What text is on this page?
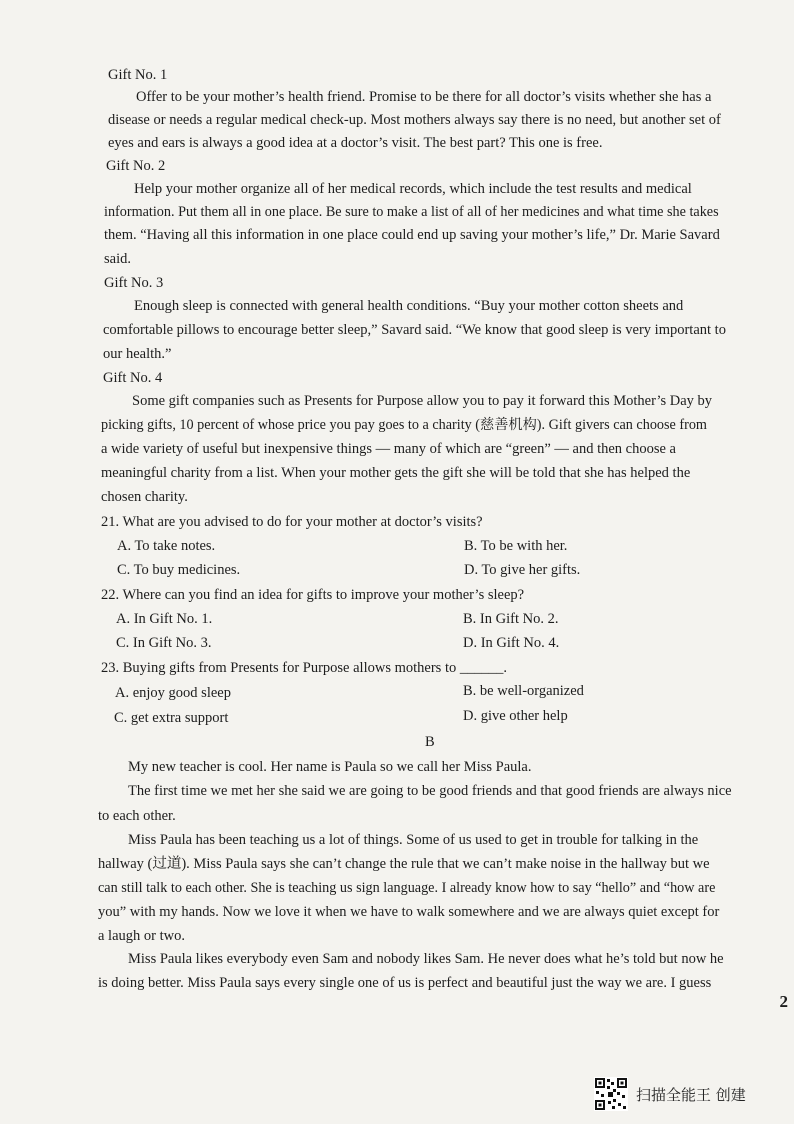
Gift No. 1
Offer to be your mother’s health friend. Promise to be there for all doctor’s visits whether she has a
disease or needs a regular medical check-up. Most mothers always say there is no need, but another set of
eyes and ears is always a good idea at a doctor’s visit. The best part? This one is free.
Gift No. 2
Help your mother organize all of her medical records, which include the test results and medical
information. Put them all in one place. Be sure to make a list of all of her medicines and what time she takes
them. “Having all this information in one place could end up saving your mother’s life,” Dr. Marie Savard
said.
Gift No. 3
Enough sleep is connected with general health conditions. “Buy your mother cotton sheets and
comfortable pillows to encourage better sleep,” Savard said. “We know that good sleep is very important to
our health.”
Gift No. 4
Some gift companies such as Presents for Purpose allow you to pay it forward this Mother’s Day by
picking gifts, 10 percent of whose price you pay goes to a charity (慈善机构). Gift givers can choose from
a wide variety of useful but inexpensive things — many of which are “green” — and then choose a
meaningful charity from a list. When your mother gets the gift she will be told that she has helped the
chosen charity.
21. What are you advised to do for your mother at doctor’s visits?
A. To take notes.	B. To be with her.
C. To buy medicines.	D. To give her gifts.
22. Where can you find an idea for gifts to improve your mother’s sleep?
A. In Gift No. 1.	B. In Gift No. 2.
C. In Gift No. 3.	D. In Gift No. 4.
23. Buying gifts from Presents for Purpose allows mothers to ______.
A. enjoy good sleep	B. be well-organized
C. get extra support	D. give other help
B
My new teacher is cool. Her name is Paula so we call her Miss Paula.
The first time we met her she said we are going to be good friends and that good friends are always nice
to each other.
Miss Paula has been teaching us a lot of things. Some of us used to get in trouble for talking in the
hallway (过道). Miss Paula says she can’t change the rule that we can’t make noise in the hallway but we
can still talk to each other. She is teaching us sign language. I already know how to say “hello” and “how are
you” with my hands. Now we love it when we have to walk somewhere and we are always quiet except for
a laugh or two.
Miss Paula likes everybody even Sam and nobody likes Sam. He never does what he’s told but now he
is doing better. Miss Paula says every single one of us is perfect and beautiful just the way we are. I guess
2
扫描全能王 创建
